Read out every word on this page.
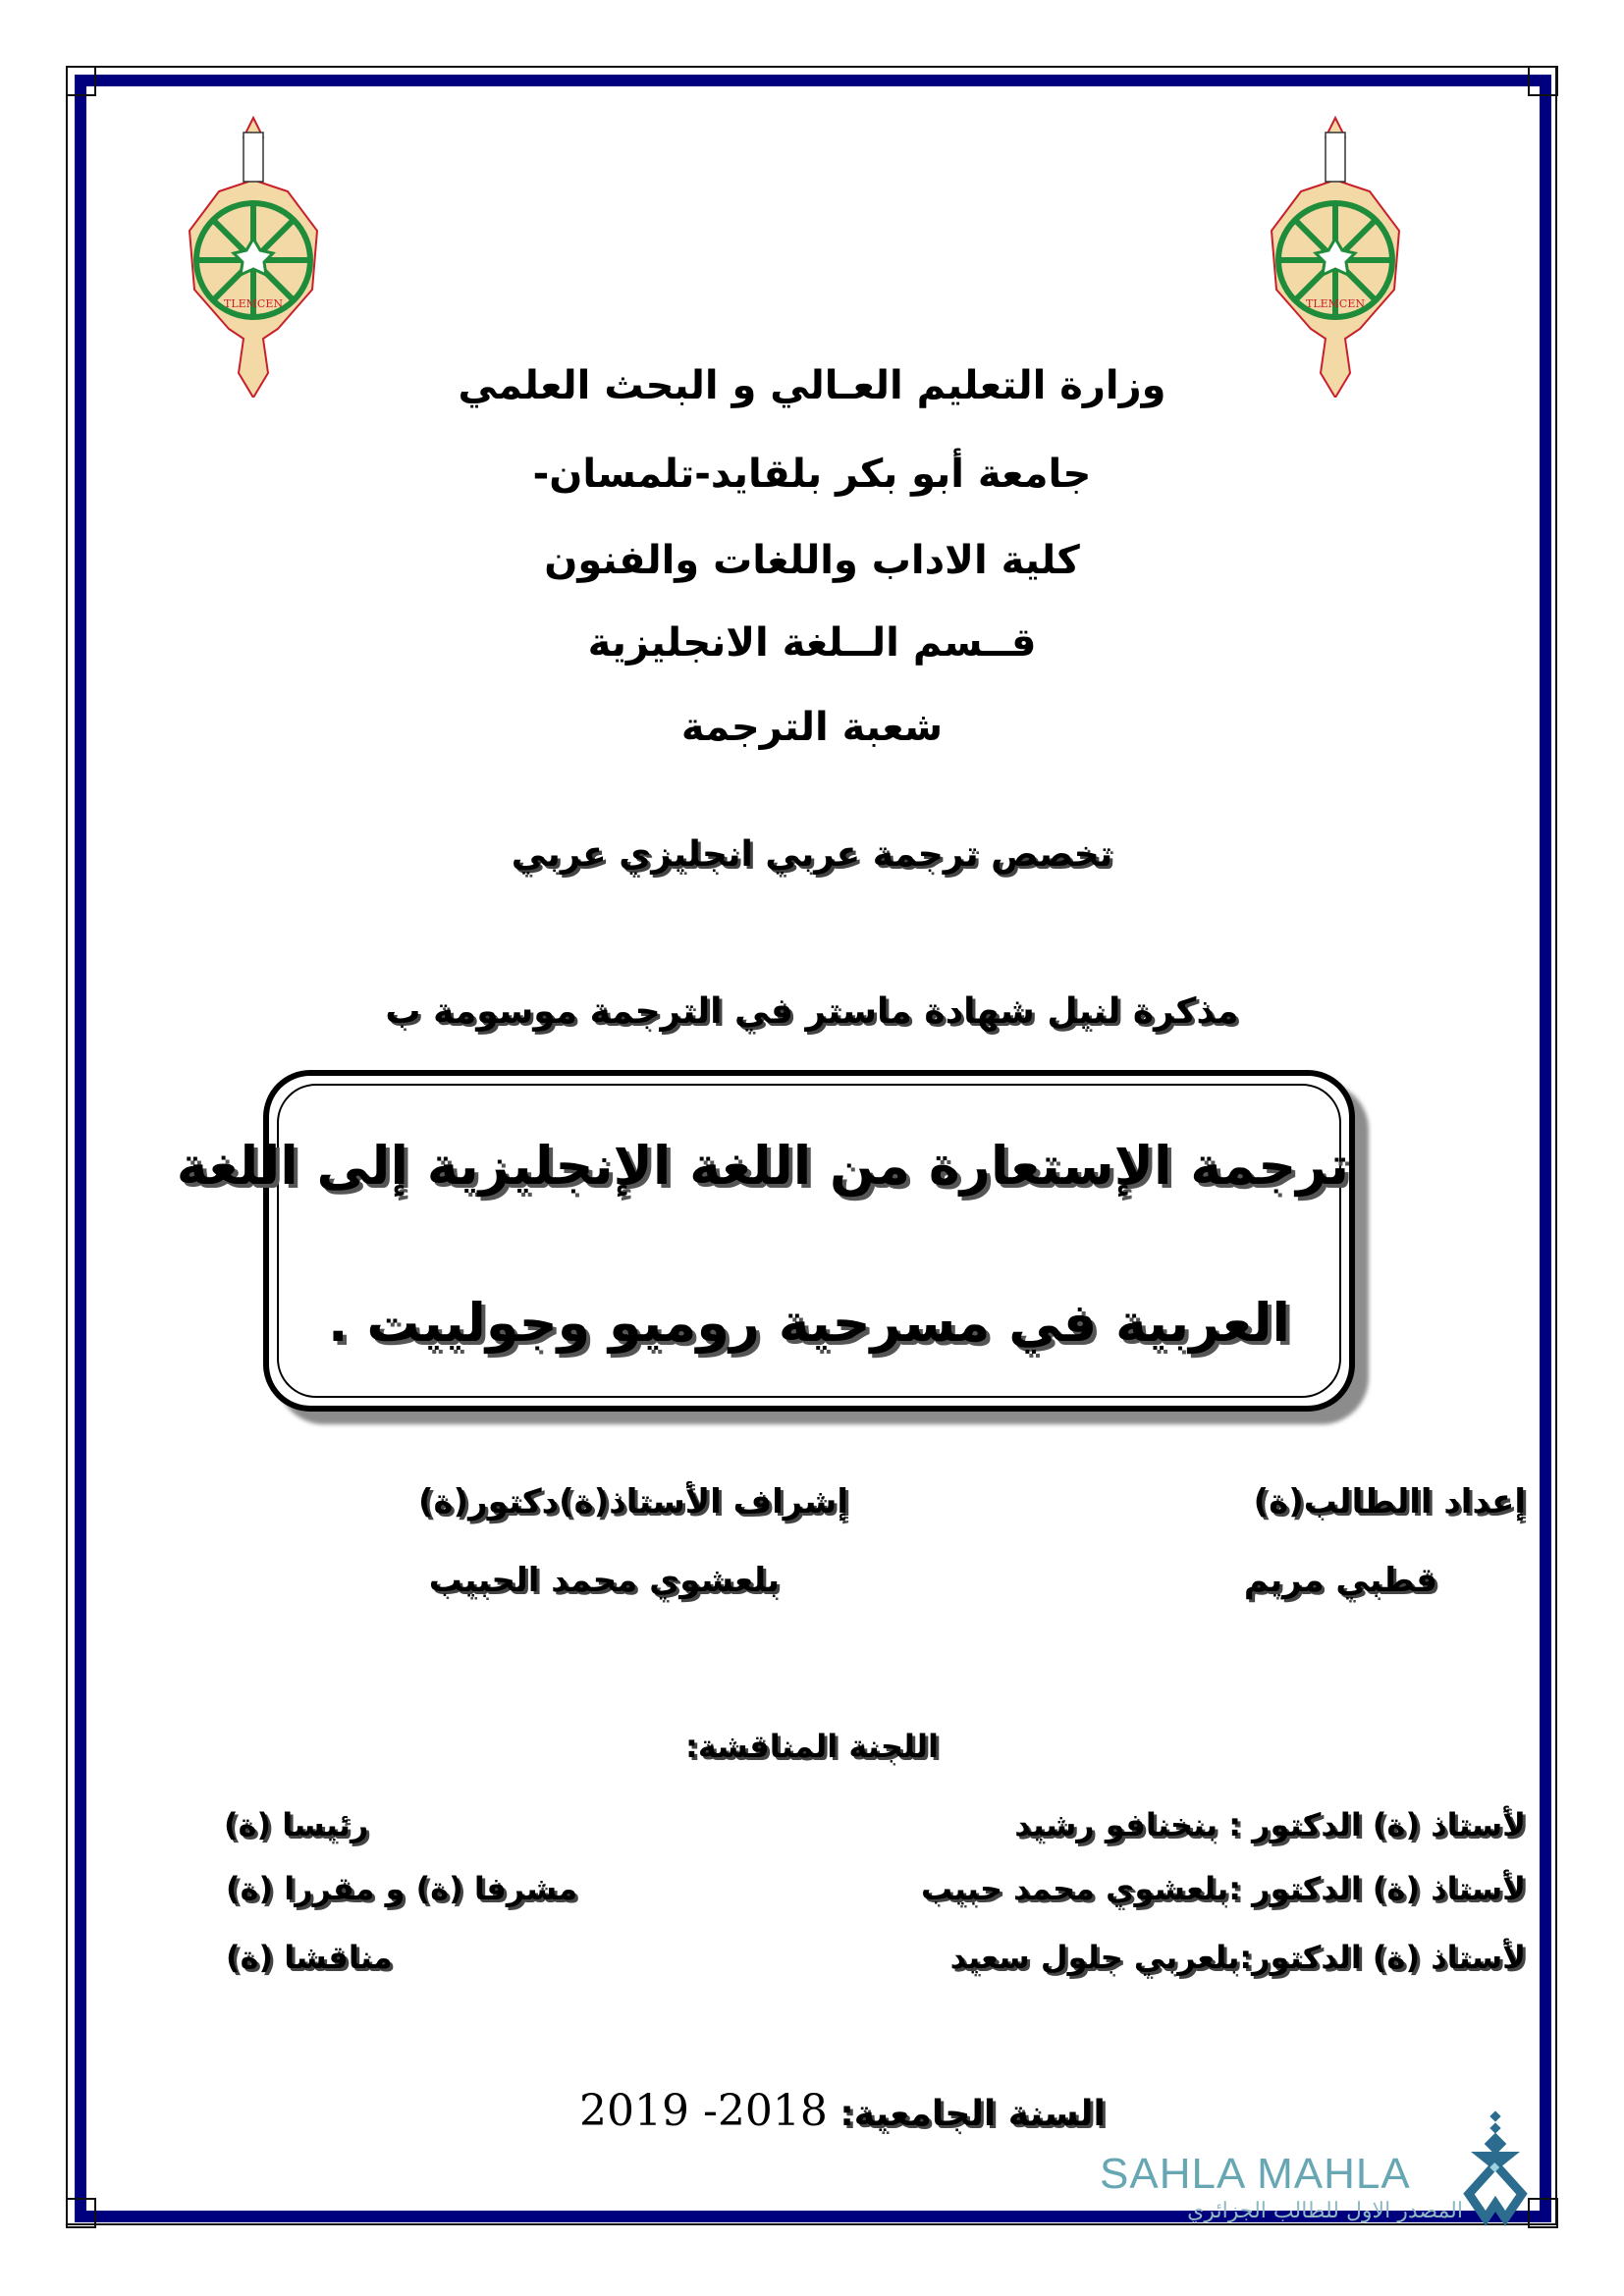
TLEMCEN	TLEMCEN
وزارة التعليم العـالي و البحث العلمي
جامعة أبو بكر بلقايد-تلمسان-
كلية الاداب واللغات والفنون
قــسم الــلغة الانجليزية
شعبة الترجمة
تخصص ترجمة عربي انجليزي عربي
مذكرة لنيل شهادة ماستر في الترجمة موسومة ب
ترجمة الإستعارة من اللغة الإنجليزية إلى اللغة
العربية في مسرحية روميو وجولييت .
إعداد االطالب(ة)
قطبي مريم
إشراف الأستاذ(ة)دكتور(ة)
بلعشوي محمد الحبيب
اللجنة المناقشة:
لأستاذ (ة) الدكتور : بنخنافو رشيد
رئيسا (ة)
لأستاذ (ة) الدكتور :بلعشوي محمد حبيب
مشرفا (ة) و مقررا (ة)
لأستاذ (ة) الدكتور:بلعربي جلول سعيد
مناقشا (ة)
السنة الجامعية: 2018- 2019
SAHLA MAHLA
المصدر الاول للطالب الجزائري
